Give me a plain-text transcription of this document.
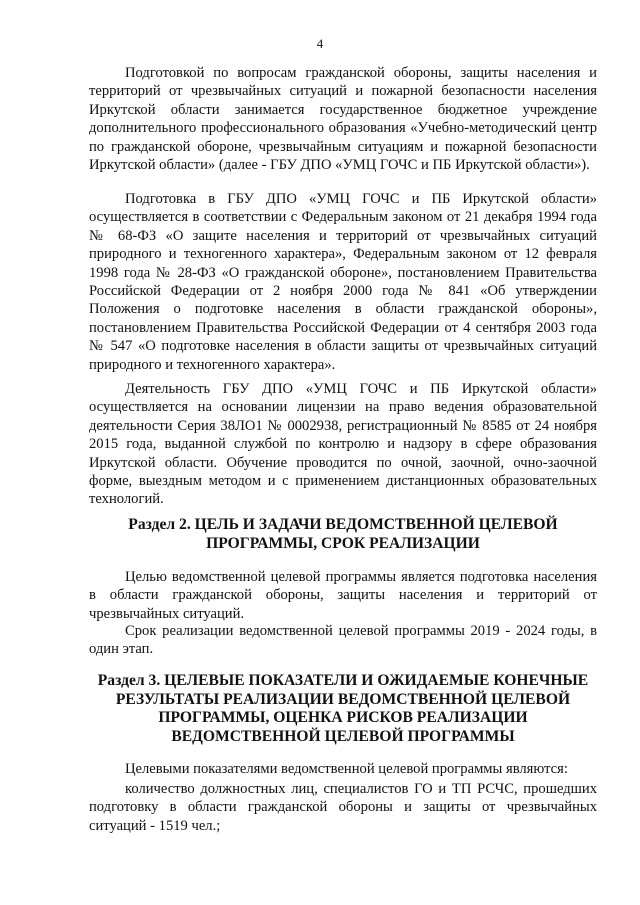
4

Подготовкой по вопросам гражданской обороны, защиты населения и территорий от чрезвычайных ситуаций и пожарной безопасности населения Иркутской области занимается государственное бюджетное учреждение дополнительного профессионального образования «Учебно-методический центр по гражданской обороне, чрезвычайным ситуациям и пожарной безопасности Иркутской области» (далее - ГБУ ДПО «УМЦ ГОЧС и ПБ Иркутской области»).

Подготовка в ГБУ ДПО «УМЦ ГОЧС и ПБ Иркутской области» осуществляется в соответствии с Федеральным законом от 21 декабря 1994 года № 68-ФЗ «О защите населения и территорий от чрезвычайных ситуаций природного и техногенного характера», Федеральным законом от 12 февраля 1998 года № 28-ФЗ «О гражданской обороне», постановлением Правительства Российской Федерации от 2 ноября 2000 года № 841 «Об утверждении Положения о подготовке населения в области гражданской обороны», постановлением Правительства Российской Федерации от 4 сентября 2003 года № 547 «О подготовке населения в области защиты от чрезвычайных ситуаций природного и техногенного характера».

Деятельность ГБУ ДПО «УМЦ ГОЧС и ПБ Иркутской области» осуществляется на основании лицензии на право ведения образовательной деятельности Серия 38ЛО1 № 0002938, регистрационный № 8585 от 24 ноября 2015 года, выданной службой по контролю и надзору в сфере образования Иркутской области. Обучение проводится по очной, заочной, очно-заочной форме, выездным методом и с применением дистанционных образовательных технологий.

Раздел 2. ЦЕЛЬ И ЗАДАЧИ ВЕДОМСТВЕННОЙ ЦЕЛЕВОЙ ПРОГРАММЫ, СРОК РЕАЛИЗАЦИИ

Целью ведомственной целевой программы является подготовка населения в области гражданской обороны, защиты населения и территорий от чрезвычайных ситуаций.

Срок реализации ведомственной целевой программы 2019 - 2024 годы, в один этап.

Раздел 3. ЦЕЛЕВЫЕ ПОКАЗАТЕЛИ И ОЖИДАЕМЫЕ КОНЕЧНЫЕ РЕЗУЛЬТАТЫ РЕАЛИЗАЦИИ ВЕДОМСТВЕННОЙ ЦЕЛЕВОЙ ПРОГРАММЫ, ОЦЕНКА РИСКОВ РЕАЛИЗАЦИИ ВЕДОМСТВЕННОЙ ЦЕЛЕВОЙ ПРОГРАММЫ

Целевыми показателями ведомственной целевой программы являются:

количество должностных лиц, специалистов ГО и ТП РСЧС, прошедших подготовку в области гражданской обороны и защиты от чрезвычайных ситуаций - 1519 чел.;
